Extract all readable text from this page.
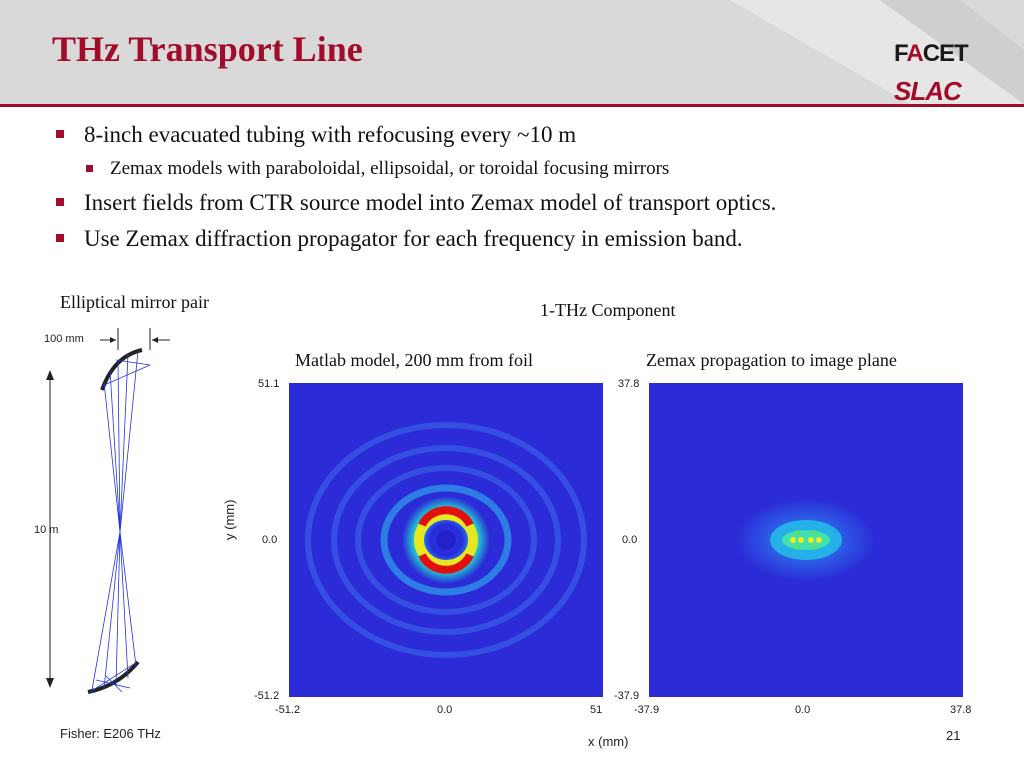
THz Transport Line	FACET
SLAC
8-inch evacuated tubing with refocusing every ~10 m
Zemax models with paraboloidal, ellipsoidal, or toroidal focusing mirrors
Insert fields from CTR source model into Zemax model of transport optics.
Use Zemax diffraction propagator for each frequency in emission band.
Elliptical mirror pair
100 mm
10 m
1-THz Component
Matlab model, 200 mm from foil	Zemax propagation to image plane
51.1
0.0
-51.2
-51.2	0.0	51
y (mm)
37.8
0.0
-37.9
-37.9	0.0	37.8
x (mm)
Fisher: E206 THz	21
